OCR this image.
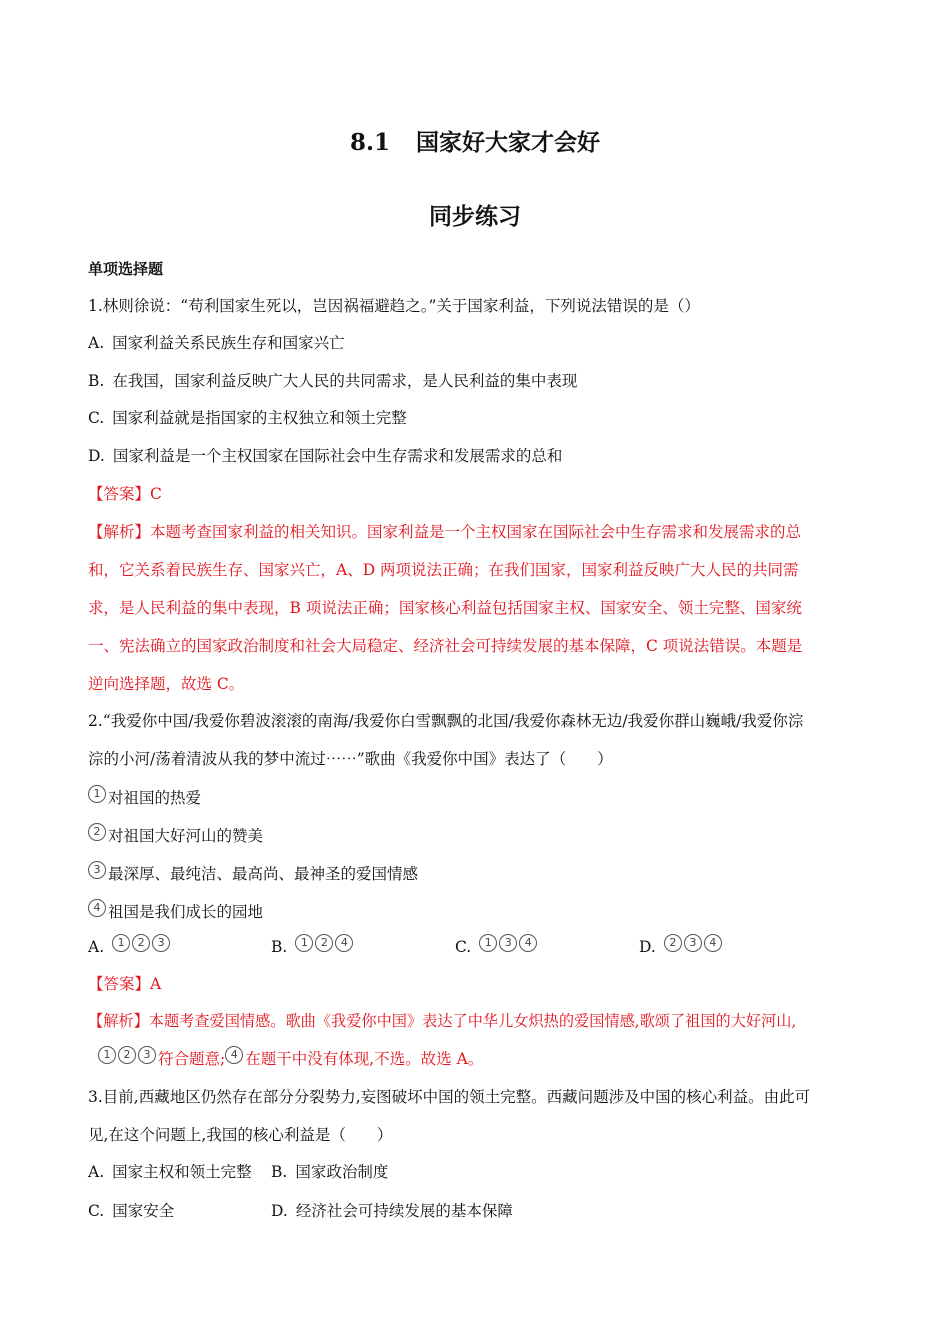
8.1 国家好大家才会好
同步练习
单项选择题
1.林则徐说：“苟利国家生死以，岂因祸福避趋之。”关于国家利益，下列说法错误的是（）
A. 国家利益关系民族生存和国家兴亡
B. 在我国，国家利益反映广大人民的共同需求，是人民利益的集中表现
C. 国家利益就是指国家的主权独立和领土完整
D. 国家利益是一个主权国家在国际社会中生存需求和发展需求的总和
【答案】C
【解析】本题考查国家利益的相关知识。国家利益是一个主权国家在国际社会中生存需求和发展需求的总
和，它关系着民族生存、国家兴亡，A、D 两项说法正确；在我们国家，国家利益反映广大人民的共同需
求，是人民利益的集中表现，B 项说法正确；国家核心利益包括国家主权、国家安全、领土完整、国家统
一、宪法确立的国家政治制度和社会大局稳定、经济社会可持续发展的基本保障，C 项说法错误。本题是
逆向选择题，故选 C。
2.“我爱你中国/我爱你碧波滚滚的南海/我爱你白雪飘飘的北国/我爱你森林无边/我爱你群山巍峨/我爱你淙
淙的小河/荡着清波从我的梦中流过⋯⋯”歌曲《我爱你中国》表达了（　　）
1 对祖国的热爱
2 对祖国大好河山的赞美
3 最深厚、最纯洁、最高尚、最神圣的爱国情感
4 祖国是我们成长的园地
A. 1 2 3	B. 1 2 4	C. 1 3 4	D. 2 3 4
【答案】A
【解析】本题考查爱国情感。歌曲《我爱你中国》表达了中华儿女炽热的爱国情感,歌颂了祖国的大好河山,
1 2 3 符合题意; 4 在题干中没有体现,不选。故选 A。
3.目前,西藏地区仍然存在部分分裂势力,妄图破坏中国的领土完整。西藏问题涉及中国的核心利益。由此可
见,在这个问题上,我国的核心利益是（　　）
A. 国家主权和领土完整 B. 国家政治制度
C. 国家安全	D. 经济社会可持续发展的基本保障
